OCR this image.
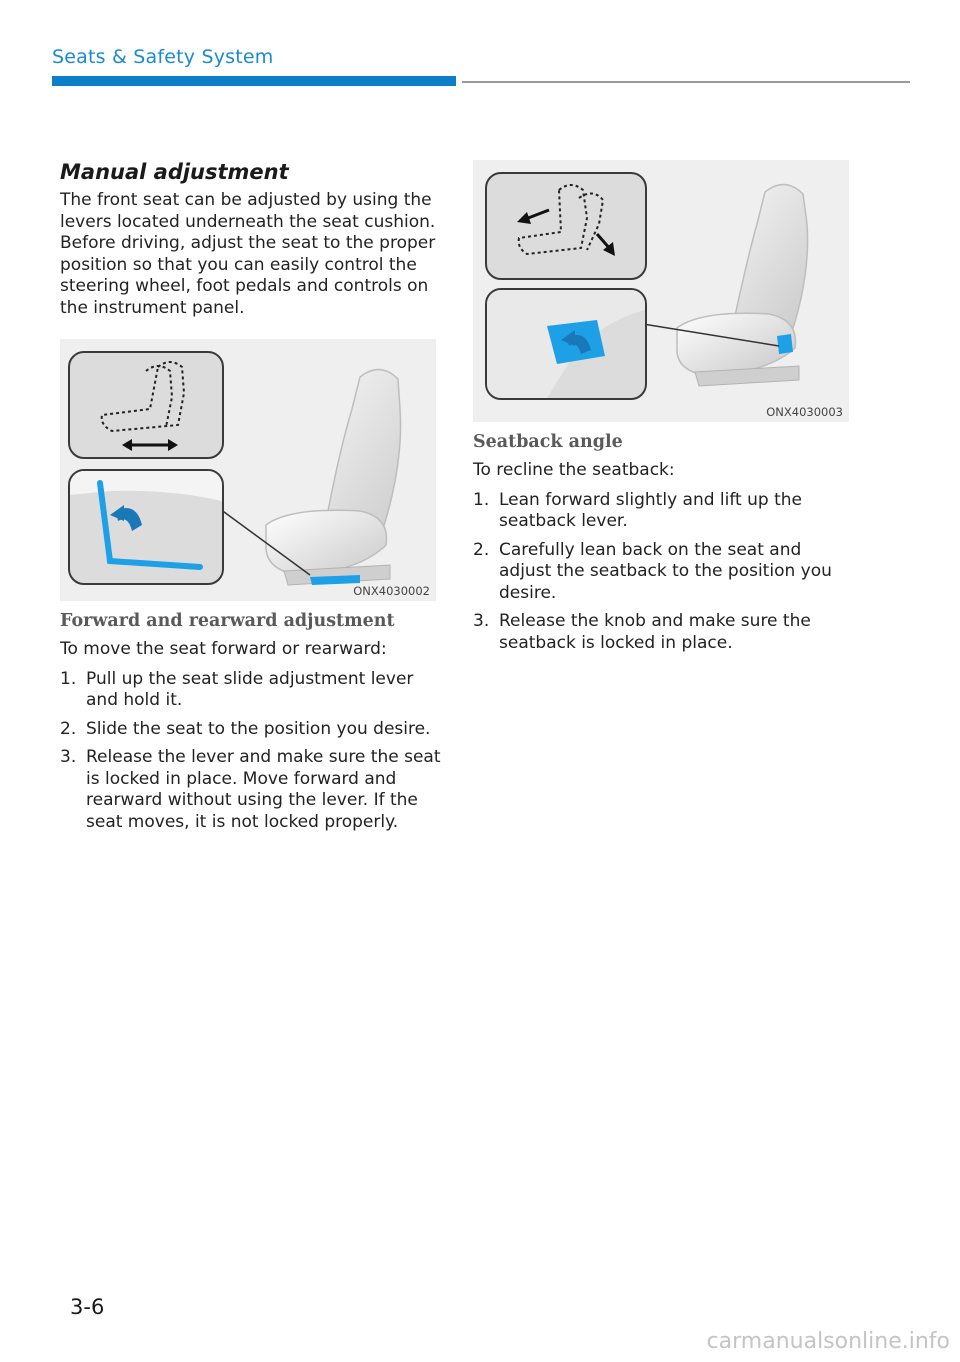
Seats & Safety System
Manual adjustment

The front seat can be adjusted by using the levers located underneath the seat cushion. Before driving, adjust the seat to the proper position so that you can easily control the steering wheel, foot pedals and controls on the instrument panel.

ONX4030002
Forward and rearward adjustment

To move the seat forward or rearward:

1. Pull up the seat slide adjustment lever and hold it.
2. Slide the seat to the position you desire.
3. Release the lever and make sure the seat is locked in place. Move forward and rearward without using the lever. If the seat moves, it is not locked properly.
ONX4030003
Seatback angle

To recline the seatback:

1. Lean forward slightly and lift up the seatback lever.
2. Carefully lean back on the seat and adjust the seatback to the position you desire.
3. Release the knob and make sure the seatback is locked in place.
3-6
carmanualsonline.info
